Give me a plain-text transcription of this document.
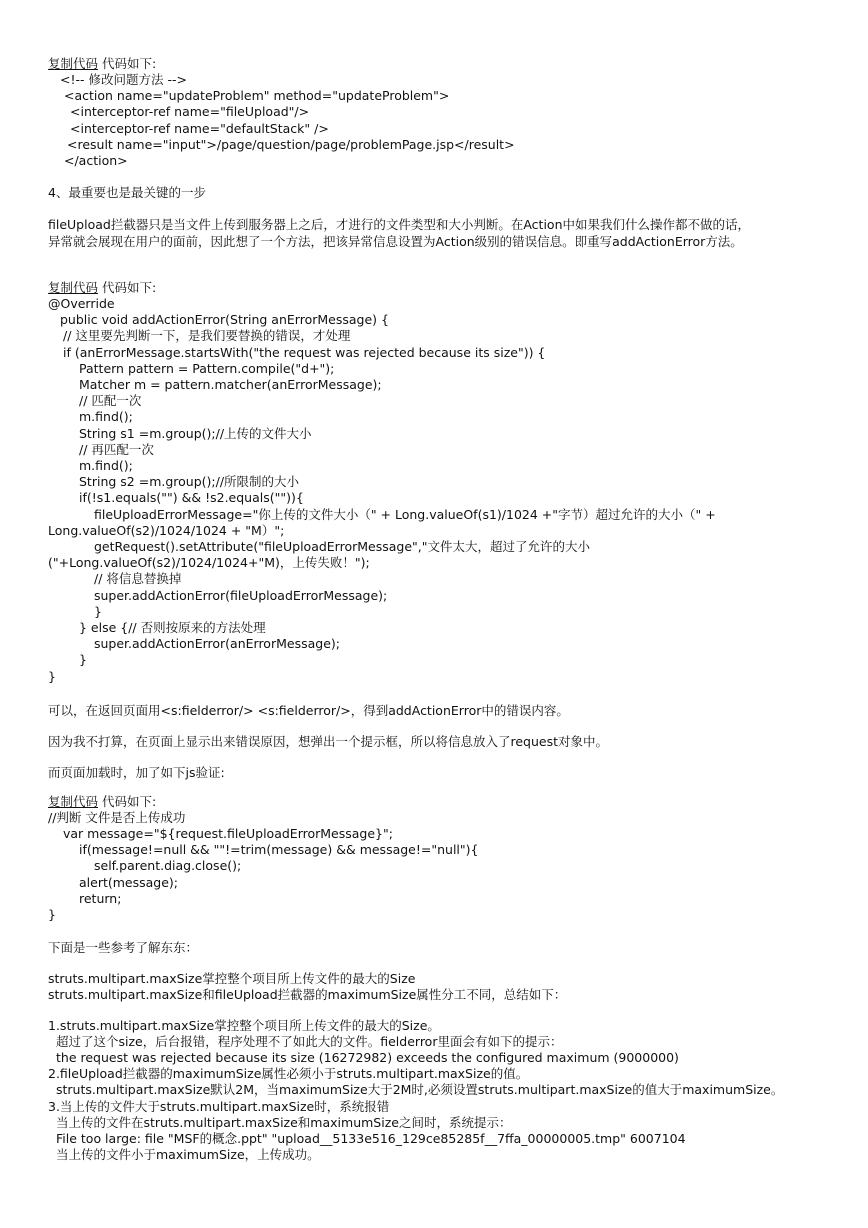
复制代码 代码如下:
<!-- 修改问题方法 -->
<action name="updateProblem" method="updateProblem">
<interceptor-ref name="fileUpload"/>
<interceptor-ref name="defaultStack" />
<result name="input">/page/question/page/problemPage.jsp</result>
</action>
4、最重要也是最关键的一步
fileUpload拦截器只是当文件上传到服务器上之后，才进行的文件类型和大小判断。在Action中如果我们什么操作都不做的话，
异常就会展现在用户的面前，因此想了一个方法，把该异常信息设置为Action级别的错误信息。即重写addActionError方法。
复制代码 代码如下:
@Override
public void addActionError(String anErrorMessage) {
// 这里要先判断一下，是我们要替换的错误，才处理
if (anErrorMessage.startsWith("the request was rejected because its size")) {
Pattern pattern = Pattern.compile("d+");
Matcher m = pattern.matcher(anErrorMessage);
// 匹配一次
m.find();
String s1 =m.group();//上传的文件大小
// 再匹配一次
m.find();
String s2 =m.group();//所限制的大小
if(!s1.equals("") && !s2.equals("")){
fileUploadErrorMessage="你上传的文件大小（" + Long.valueOf(s1)/1024 +"字节）超过允许的大小（" +
Long.valueOf(s2)/1024/1024 + "M）";
getRequest().setAttribute("fileUploadErrorMessage","文件太大，超过了允许的大小
("+Long.valueOf(s2)/1024/1024+"M)，上传失败！");
// 将信息替换掉
super.addActionError(fileUploadErrorMessage);
}
} else {// 否则按原来的方法处理
super.addActionError(anErrorMessage);
}
}
可以，在返回页面用<s:fielderror/> <s:fielderror/>，得到addActionError中的错误内容。
因为我不打算，在页面上显示出来错误原因，想弹出一个提示框，所以将信息放入了request对象中。
而页面加载时，加了如下js验证:
复制代码 代码如下:
//判断 文件是否上传成功
var message="${request.fileUploadErrorMessage}";
if(message!=null && ""!=trim(message) && message!="null"){
self.parent.diag.close();
alert(message);
return;
}
下面是一些参考了解东东：
struts.multipart.maxSize掌控整个项目所上传文件的最大的Size
struts.multipart.maxSize和fileUpload拦截器的maximumSize属性分工不同，总结如下：
1.struts.multipart.maxSize掌控整个项目所上传文件的最大的Size。
超过了这个size，后台报错，程序处理不了如此大的文件。fielderror里面会有如下的提示：
the request was rejected because its size (16272982) exceeds the configured maximum (9000000)
2.fileUpload拦截器的maximumSize属性必须小于struts.multipart.maxSize的值。
struts.multipart.maxSize默认2M，当maximumSize大于2M时,必须设置struts.multipart.maxSize的值大于maximumSize。
3.当上传的文件大于struts.multipart.maxSize时，系统报错
当上传的文件在struts.multipart.maxSize和maximumSize之间时，系统提示：
File too large: file "MSF的概念.ppt" "upload__5133e516_129ce85285f__7ffa_00000005.tmp" 6007104
当上传的文件小于maximumSize，上传成功。
